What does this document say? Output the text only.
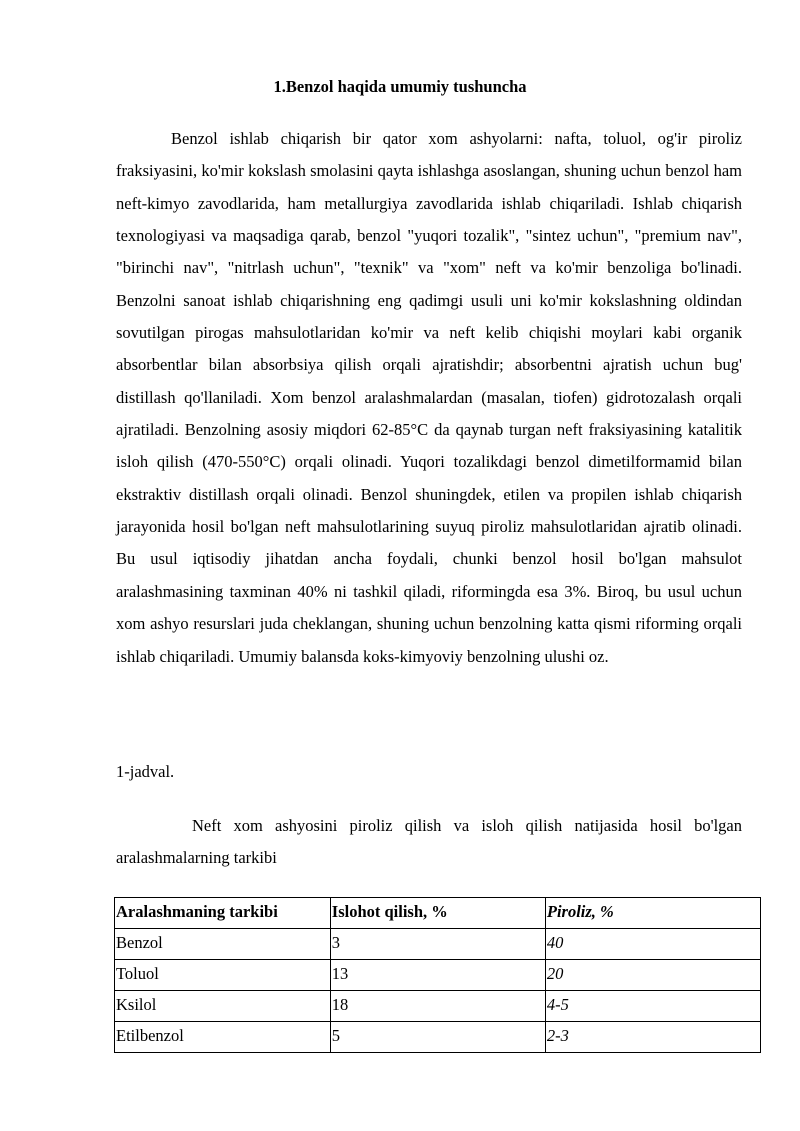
1.Benzol haqida umumiy tushuncha
Benzol ishlab chiqarish bir qator xom ashyolarni: nafta, toluol, og'ir piroliz fraksiyasini, ko'mir kokslash smolasini qayta ishlashga asoslangan, shuning uchun benzol ham neft-kimyo zavodlarida, ham metallurgiya zavodlarida ishlab chiqariladi. Ishlab chiqarish texnologiyasi va maqsadiga qarab, benzol "yuqori tozalik", "sintez uchun", "premium nav", "birinchi nav", "nitrlash uchun", "texnik" va "xom" neft va ko'mir benzoliga bo'linadi. Benzolni sanoat ishlab chiqarishning eng qadimgi usuli uni ko'mir kokslashning oldindan sovutilgan pirogas mahsulotlaridan ko'mir va neft kelib chiqishi moylari kabi organik absorbentlar bilan absorbsiya qilish orqali ajratishdir; absorbentni ajratish uchun bug' distillash qo'llaniladi. Xom benzol aralashmalardan (masalan, tiofen) gidrotozalash orqali ajratiladi. Benzolning asosiy miqdori 62-85°C da qaynab turgan neft fraksiyasining katalitik isloh qilish (470-550°C) orqali olinadi. Yuqori tozalikdagi benzol dimetilformamid bilan ekstraktiv distillash orqali olinadi. Benzol shuningdek, etilen va propilen ishlab chiqarish jarayonida hosil bo'lgan neft mahsulotlarining suyuq piroliz mahsulotlaridan ajratib olinadi. Bu usul iqtisodiy jihatdan ancha foydali, chunki benzol hosil bo'lgan mahsulot aralashmasining taxminan 40% ni tashkil qiladi, riformingda esa 3%. Biroq, bu usul uchun xom ashyo resurslari juda cheklangan, shuning uchun benzolning katta qismi riforming orqali ishlab chiqariladi. Umumiy balansda koks-kimyoviy benzolning ulushi oz.
1-jadval.
Neft xom ashyosini piroliz qilish va isloh qilish natijasida hosil bo'lgan aralashmalarning tarkibi
Aralashmaning tarkibi	Islohot qilish, %	Piroliz, %
Benzol	3	40
Toluol	13	20
Ksilol	18	4-5
Etilbenzol	5	2-3
